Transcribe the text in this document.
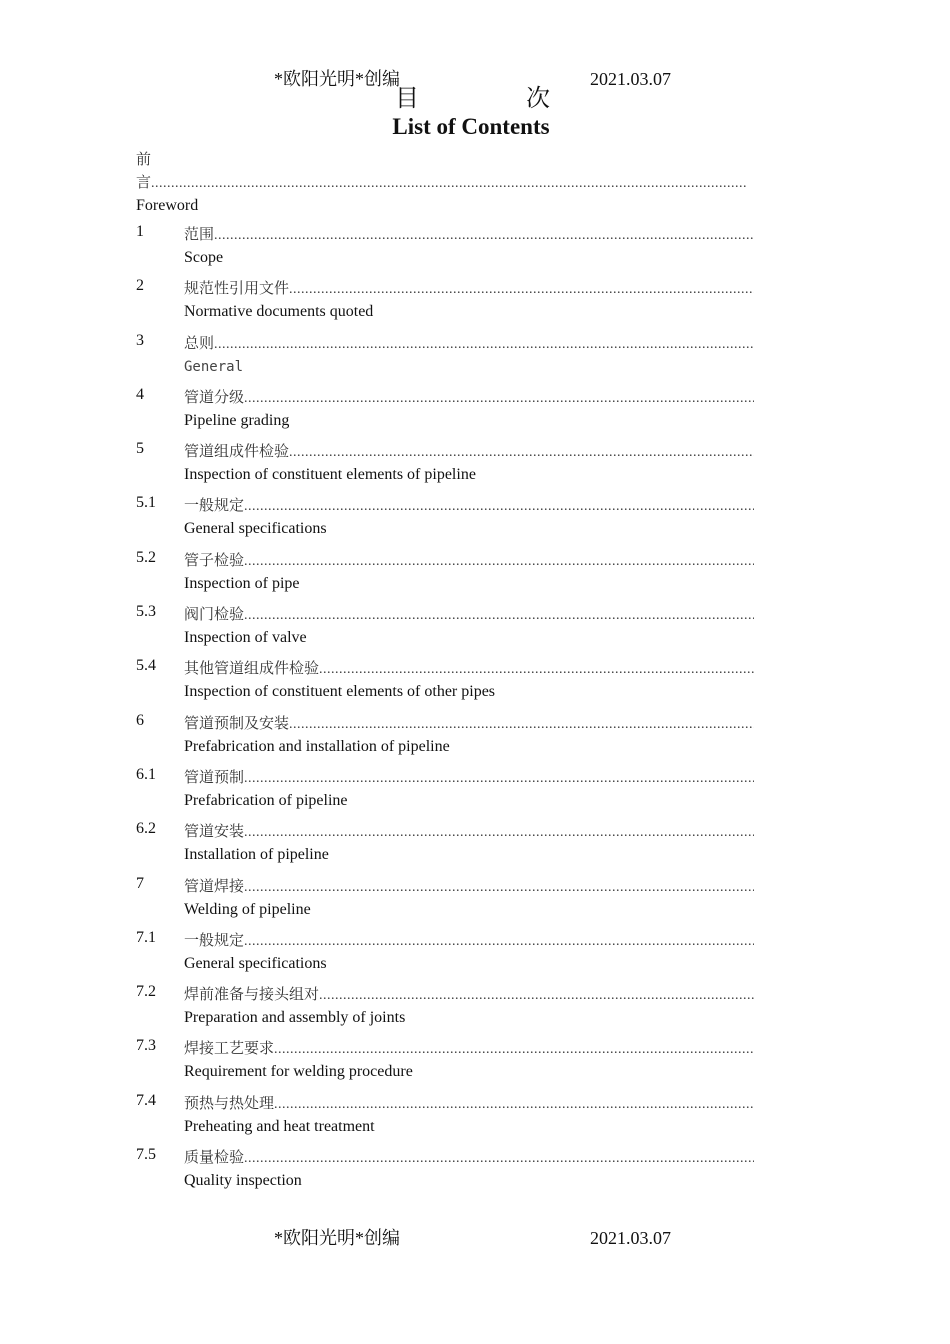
*欧阳光明*创编	2021.03.07
目	次
List of Contents
前
言
.....
Foreword
1	范围
.....
Scope
2	规范性引用文件
.....
Normative documents quoted
3	总则
.....
General
4	管道分级
.....
Pipeline grading
5	管道组成件检验
.....
Inspection of constituent elements of pipeline
5.1 一般规定
.....
General specifications
5.2 管子检验
.....
Inspection of pipe
5.3 阀门检验
.....
Inspection of valve
5.4 其他管道组成件检验
.....
Inspection of constituent elements of other pipes
6	管道预制及安装
.....
Prefabrication and installation of pipeline
6.1 管道预制
.....
Prefabrication of pipeline
6.2 管道安装
.....
Installation of pipeline
7	管道焊接
.....
Welding of pipeline
7.1 一般规定
.....
General specifications
7.2 焊前准备与接头组对
.....
Preparation and assembly of joints
7.3 焊接工艺要求
.....
Requirement for welding procedure
7.4 预热与热处理
.....
Preheating and heat treatment
7.5 质量检验
.....
Quality inspection
*欧阳光明*创编	2021.03.07
